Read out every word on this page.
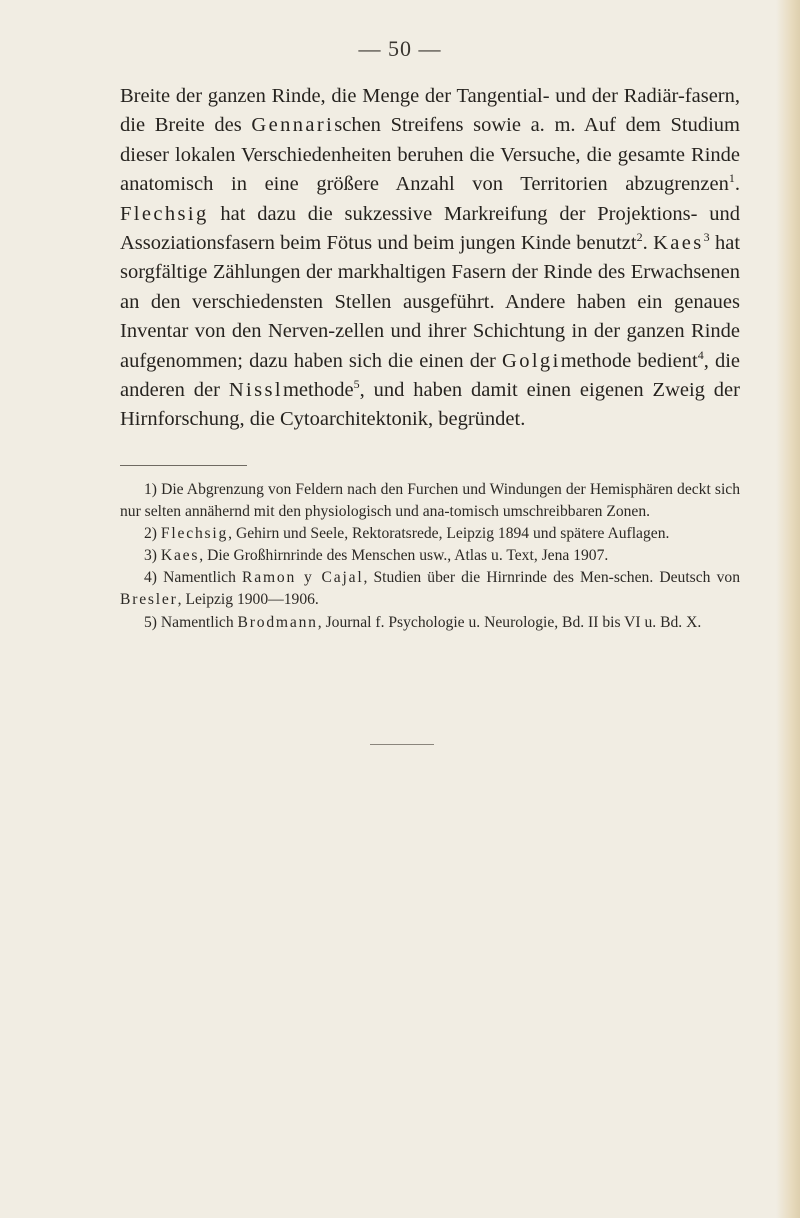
— 50 —

Breite der ganzen Rinde, die Menge der Tangential- und der Radiär-fasern, die Breite des Gennarischen Streifens sowie a. m. Auf dem Studium dieser lokalen Verschiedenheiten beruhen die Versuche, die gesamte Rinde anatomisch in eine größere Anzahl von Territorien abzugrenzen$^1$. Flechsig hat dazu die sukzessive Markreifung der Projektions- und Assoziationsfasern beim Fötus und beim jungen Kinde benutzt$^2$. Kaes$^3$ hat sorgfältige Zählungen der markhaltigen Fasern der Rinde des Erwachsenen an den verschiedensten Stellen ausgeführt. Andere haben ein genaues Inventar von den Nerven-zellen und ihrer Schichtung in der ganzen Rinde aufgenommen; dazu haben sich die einen der Golgimethode bedient$^4$, die anderen der Nisslmethode$^5$, und haben damit einen eigenen Zweig der Hirnforschung, die Cytoarchitektonik, begründet.

1) Die Abgrenzung von Feldern nach den Furchen und Windungen der Hemisphären deckt sich nur selten annähernd mit den physiologisch und ana-tomisch umschreibbaren Zonen.

2) Flechsig, Gehirn und Seele, Rektoratsrede, Leipzig 1894 und spätere Auflagen.

3) Kaes, Die Großhirnrinde des Menschen usw., Atlas u. Text, Jena 1907.

4) Namentlich Ramon y Cajal, Studien über die Hirnrinde des Men-schen. Deutsch von Bresler, Leipzig 1900—1906.

5) Namentlich Brodmann, Journal f. Psychologie u. Neurologie, Bd. II bis VI u. Bd. X.
